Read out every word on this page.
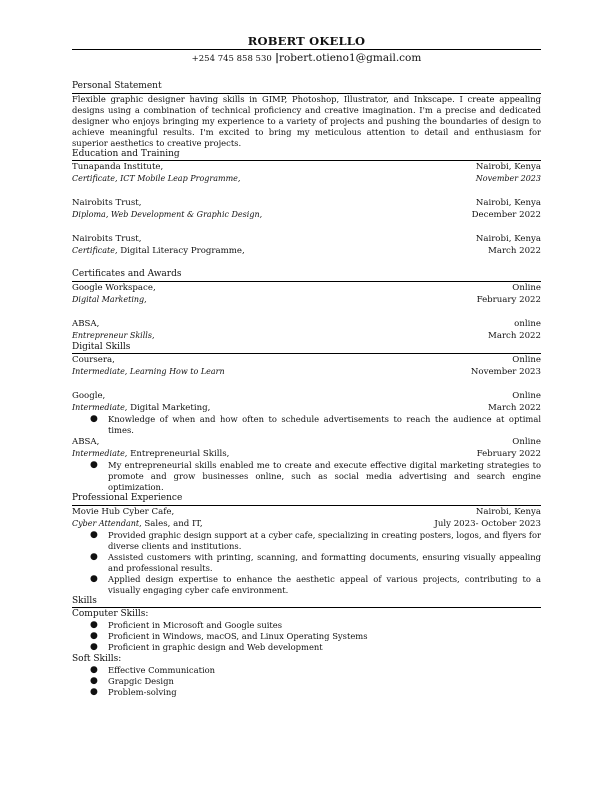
ROBERT OKELLO
+254 745 858 530 |robert.otieno1@gmail.com
Personal Statement
Flexible graphic designer having skills in GIMP, Photoshop, Illustrator, and Inkscape. I create appealing designs using a combination of technical proficiency and creative imagination. I'm a precise and dedicated designer who enjoys bringing my experience to a variety of projects and pushing the boundaries of design to achieve meaningful results. I'm excited to bring my meticulous attention to detail and enthusiasm for superior aesthetics to creative projects.
Education and Training
Tunapanda Institute,	Nairobi, Kenya
Certificate, ICT Mobile Leap Programme,	November 2023
Nairobits Trust,	Nairobi, Kenya
Diploma, Web Development & Graphic Design,	December 2022
Nairobits Trust,	Nairobi, Kenya
Certificate, Digital Literacy Programme,	March 2022
Certificates and Awards
Google Workspace,	Online
Digital Marketing,	February 2022
ABSA,	online
Entrepreneur Skills,	March 2022
Digital Skills
Coursera,	Online
Intermediate, Learning How to Learn	November 2023
Google,	Online
Intermediate, Digital Marketing,	March 2022
● Knowledge of when and how often to schedule advertisements to reach the audience at optimal times.
ABSA,	Online
Intermediate, Entrepreneurial Skills,	February 2022
● My entrepreneurial skills enabled me to create and execute effective digital marketing strategies to promote and grow businesses online, such as social media advertising and search engine optimization.
Professional Experience
Movie Hub Cyber Cafe,	Nairobi, Kenya
Cyber Attendant, Sales, and IT,	July 2023- October 2023
● Provided graphic design support at a cyber cafe, specializing in creating posters, logos, and flyers for diverse clients and institutions.
● Assisted customers with printing, scanning, and formatting documents, ensuring visually appealing and professional results.
● Applied design expertise to enhance the aesthetic appeal of various projects, contributing to a visually engaging cyber cafe environment.
Skills
Computer Skills:
● Proficient in Microsoft and Google suites
● Proficient in Windows, macOS, and Linux Operating Systems
● Proficient in graphic design and Web development
Soft Skills:
● Effective Communication
● Grapgic Design
● Problem-solving
